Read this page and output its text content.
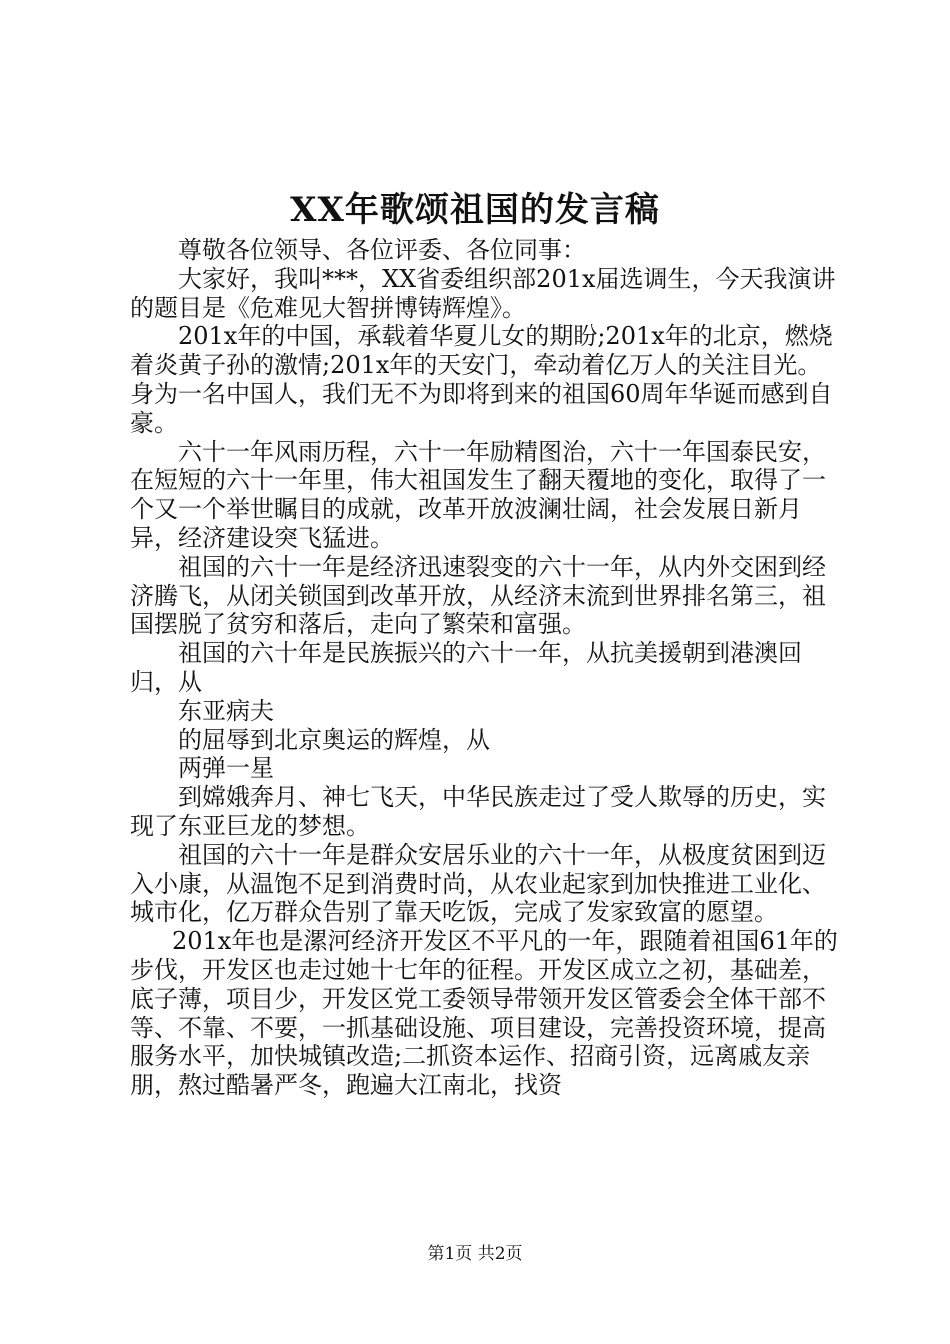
XX年歌颂祖国的发言稿

尊敬各位领导、各位评委、各位同事：

大家好，我叫***，XX省委组织部201x届选调生，今天我演讲的题目是《危难见大智拼博铸辉煌》。

201x年的中国，承载着华夏儿女的期盼;201x年的北京，燃烧着炎黄子孙的激情;201x年的天安门，牵动着亿万人的关注目光。身为一名中国人，我们无不为即将到来的祖国60周年华诞而感到自豪。

六十一年风雨历程，六十一年励精图治，六十一年国泰民安，在短短的六十一年里，伟大祖国发生了翻天覆地的变化，取得了一个又一个举世瞩目的成就，改革开放波澜壮阔，社会发展日新月异，经济建设突飞猛进。

祖国的六十一年是经济迅速裂变的六十一年，从内外交困到经济腾飞，从闭关锁国到改革开放，从经济末流到世界排名第三，祖国摆脱了贫穷和落后，走向了繁荣和富强。

祖国的六十年是民族振兴的六十一年，从抗美援朝到港澳回归，从

东亚病夫

的屈辱到北京奥运的辉煌，从

两弹一星

到嫦娥奔月、神七飞天，中华民族走过了受人欺辱的历史，实现了东亚巨龙的梦想。

祖国的六十一年是群众安居乐业的六十一年，从极度贫困到迈入小康，从温饱不足到消费时尚，从农业起家到加快推进工业化、城市化，亿万群众告别了靠天吃饭，完成了发家致富的愿望。

201x年也是漯河经济开发区不平凡的一年，跟随着祖国61年的步伐，开发区也走过她十七年的征程。开发区成立之初，基础差，底子薄，项目少，开发区党工委领导带领开发区管委会全体干部不等、不靠、不要，一抓基础设施、项目建设，完善投资环境，提高服务水平，加快城镇改造;二抓资本运作、招商引资，远离戚友亲朋，熬过酷暑严冬，跑遍大江南北，找资

第1页 共2页
